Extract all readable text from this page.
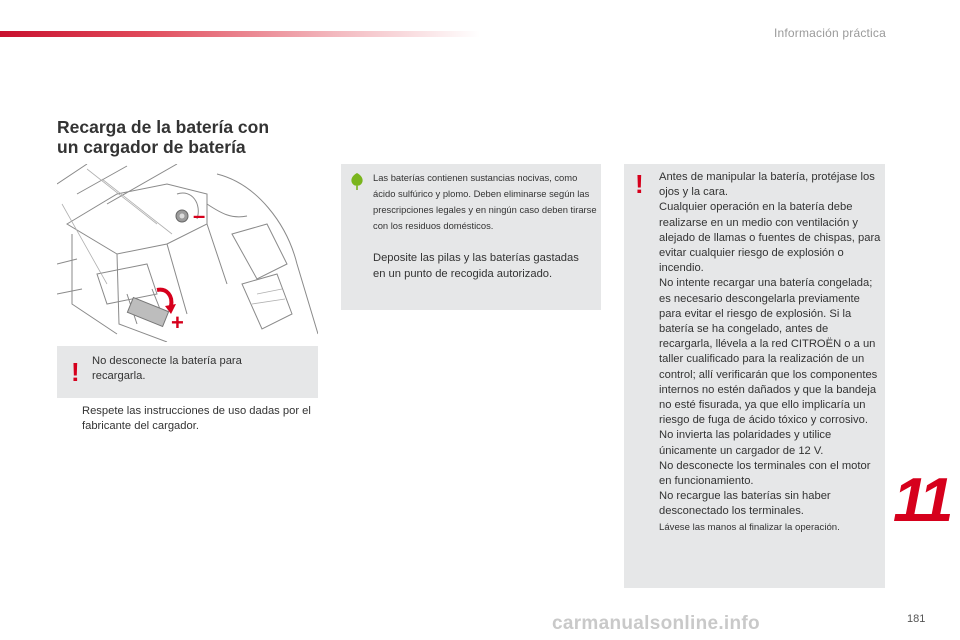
Información práctica
Recarga de la batería con
un cargador de batería
–
+
! No desconecte la batería para recargarla.
Respete las instrucciones de uso dadas por el fabricante del cargador.
Las baterías contienen sustancias nocivas, como ácido sulfúrico y plomo. Deben eliminarse según las prescripciones legales y en ningún caso deben tirarse con los residuos domésticos.
Deposite las pilas y las baterías gastadas en un punto de recogida autorizado.
! Antes de manipular la batería, protéjase los ojos y la cara.

Cualquier operación en la batería debe realizarse en un medio con ventilación y alejado de llamas o fuentes de chispas, para evitar cualquier riesgo de explosión o incendio.

No intente recargar una batería congelada; es necesario descongelarla previamente para evitar el riesgo de explosión. Si la batería se ha congelado, antes de recargarla, llévela a la red CITROËN o a un taller cualificado para la realización de un control; allí verificarán que los componentes internos no estén dañados y que la bandeja no esté fisurada, ya que ello implicaría un riesgo de fuga de ácido tóxico y corrosivo.

No invierta las polaridades y utilice únicamente un cargador de 12 V.

No desconecte los terminales con el motor en funcionamiento.

No recargue las baterías sin haber desconectado los terminales.

Lávese las manos al finalizar la operación. 11
carmanualsonline.info	181
